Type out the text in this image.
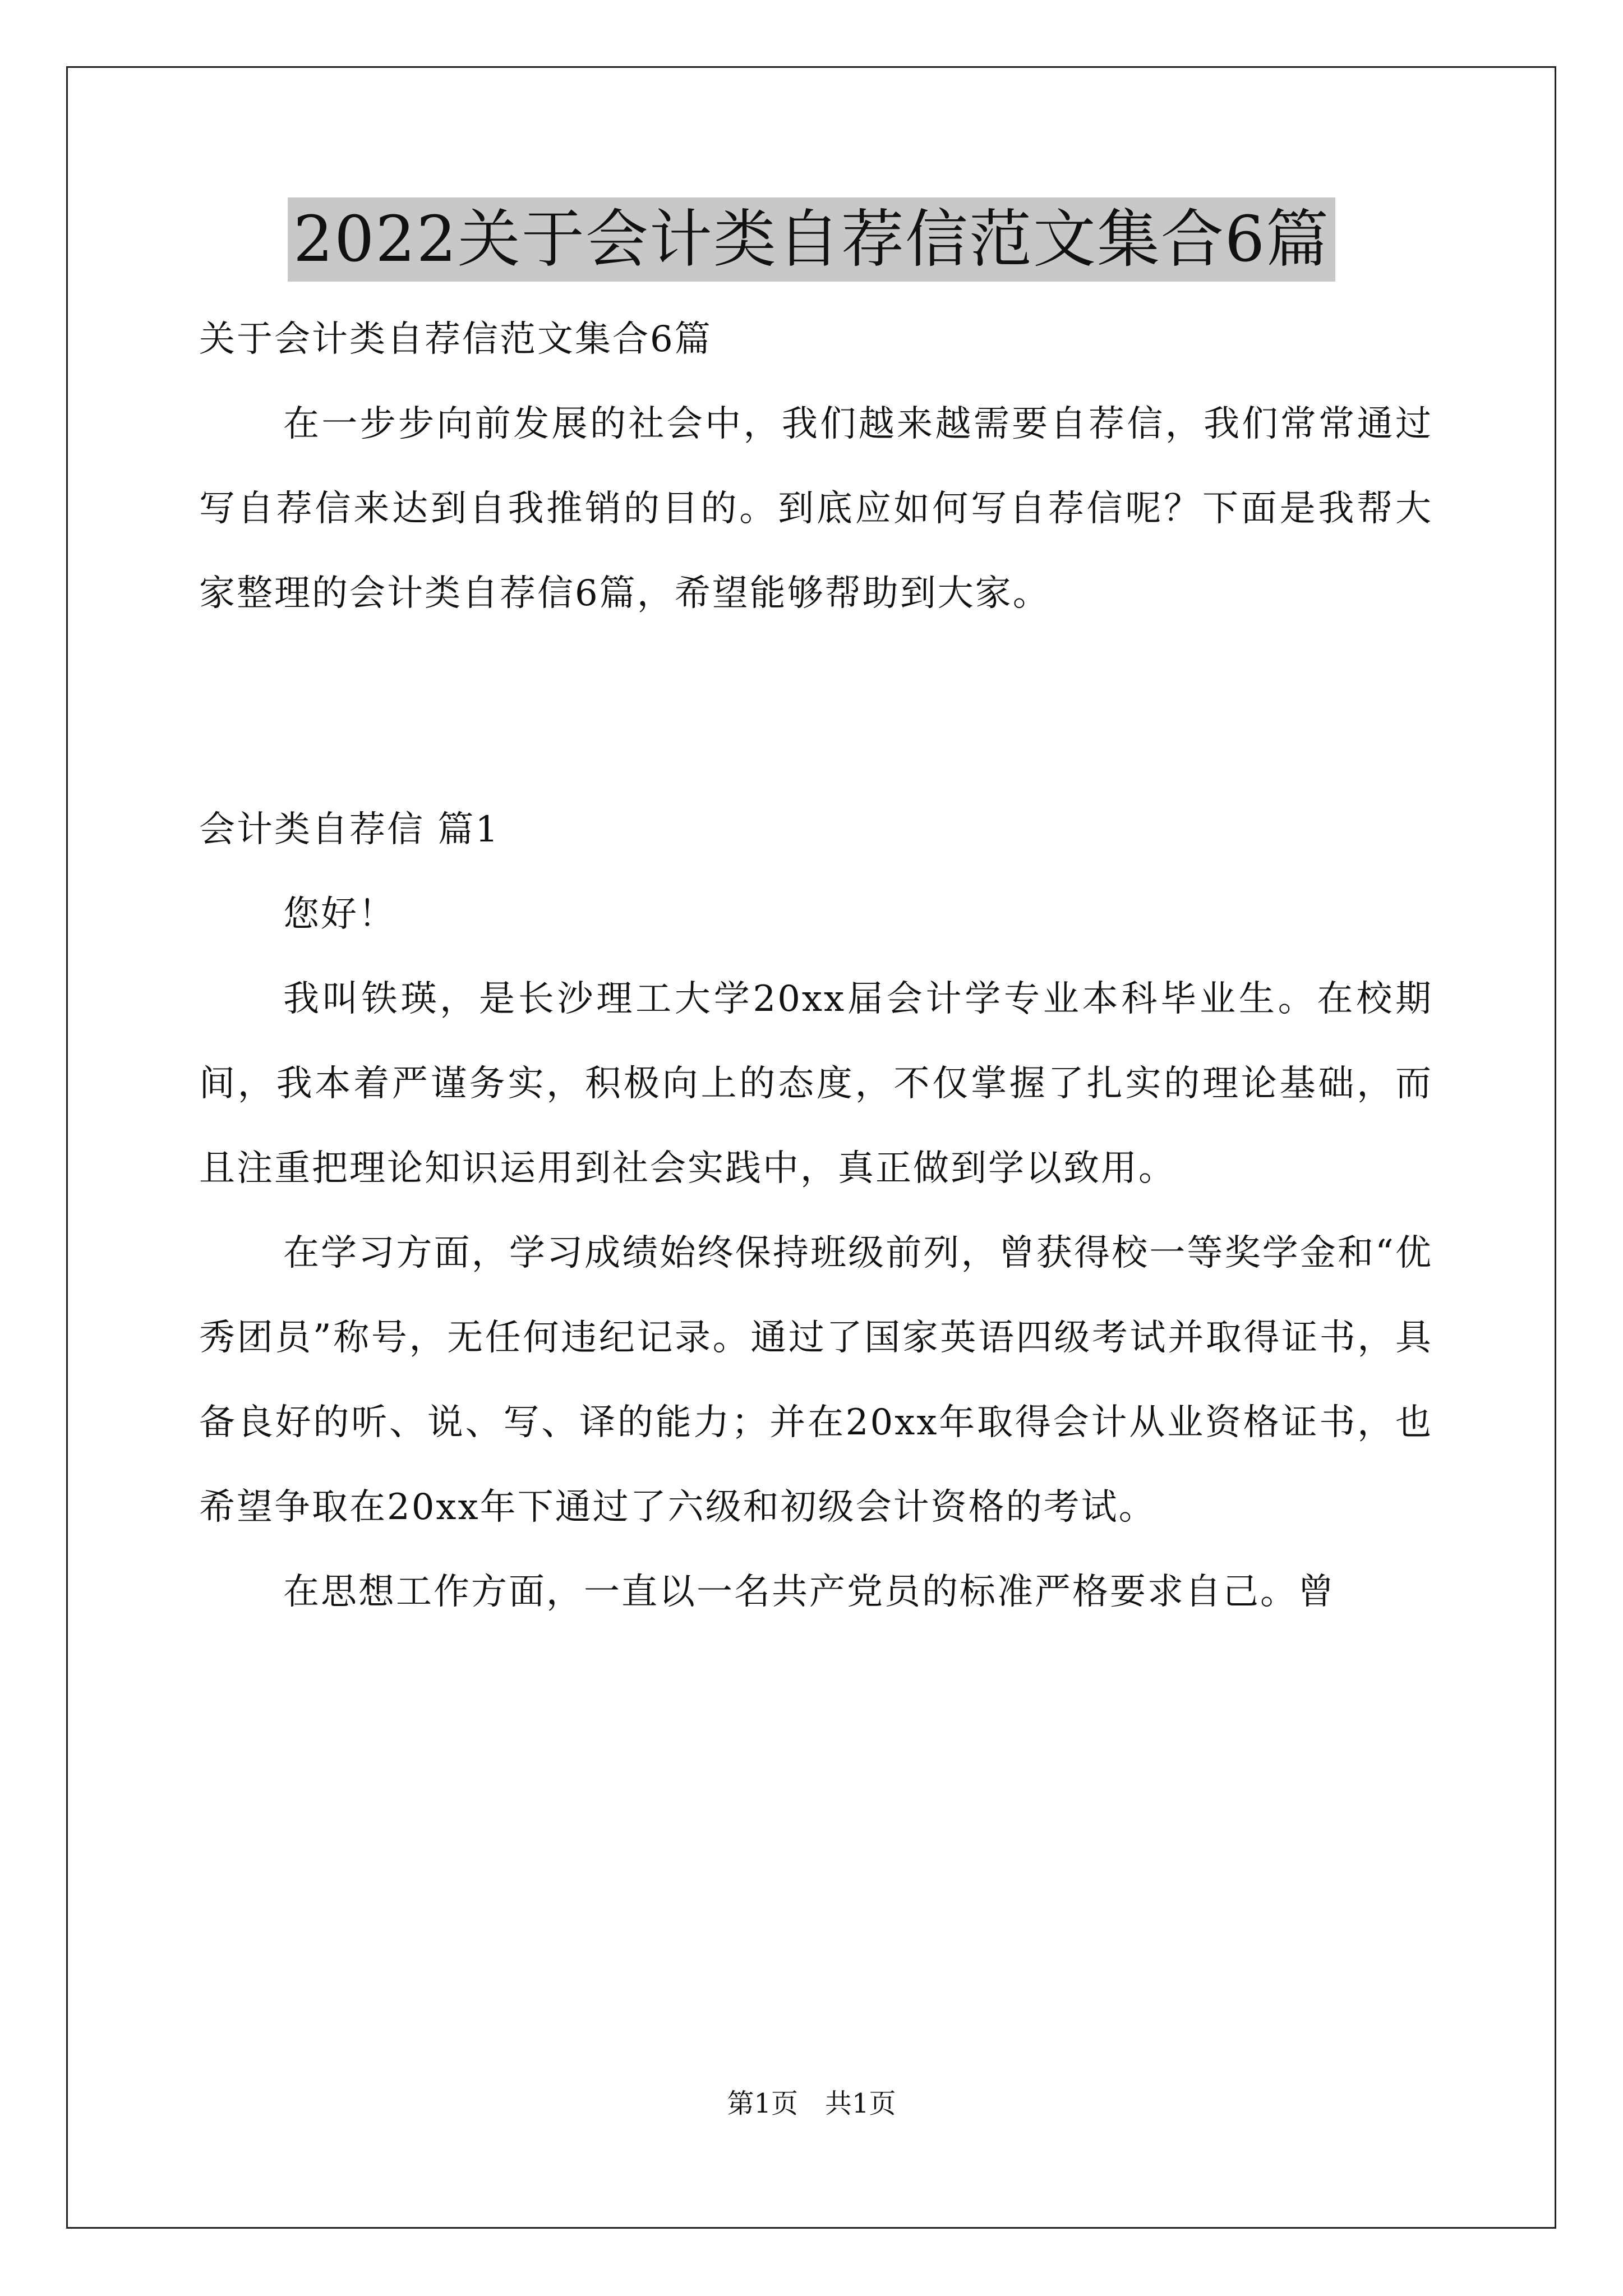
2022关于会计类自荐信范文集合6篇

关于会计类自荐信范文集合6篇

在一步步向前发展的社会中，我们越来越需要自荐信，我们常常通过写自荐信来达到自我推销的目的。到底应如何写自荐信呢？下面是我帮大家整理的会计类自荐信6篇，希望能够帮助到大家。

会计类自荐信 篇1

您好！

我叫铁瑛，是长沙理工大学20xx届会计学专业本科毕业生。在校期间，我本着严谨务实，积极向上的态度，不仅掌握了扎实的理论基础，而且注重把理论知识运用到社会实践中，真正做到学以致用。

在学习方面，学习成绩始终保持班级前列，曾获得校一等奖学金和“优秀团员”称号，无任何违纪记录。通过了国家英语四级考试并取得证书，具备良好的听、说、写、译的能力；并在20xx年取得会计从业资格证书，也希望争取在20xx年下通过了六级和初级会计资格的考试。

在思想工作方面，一直以一名共产党员的标准严格要求自己。曾

第1页　共1页
